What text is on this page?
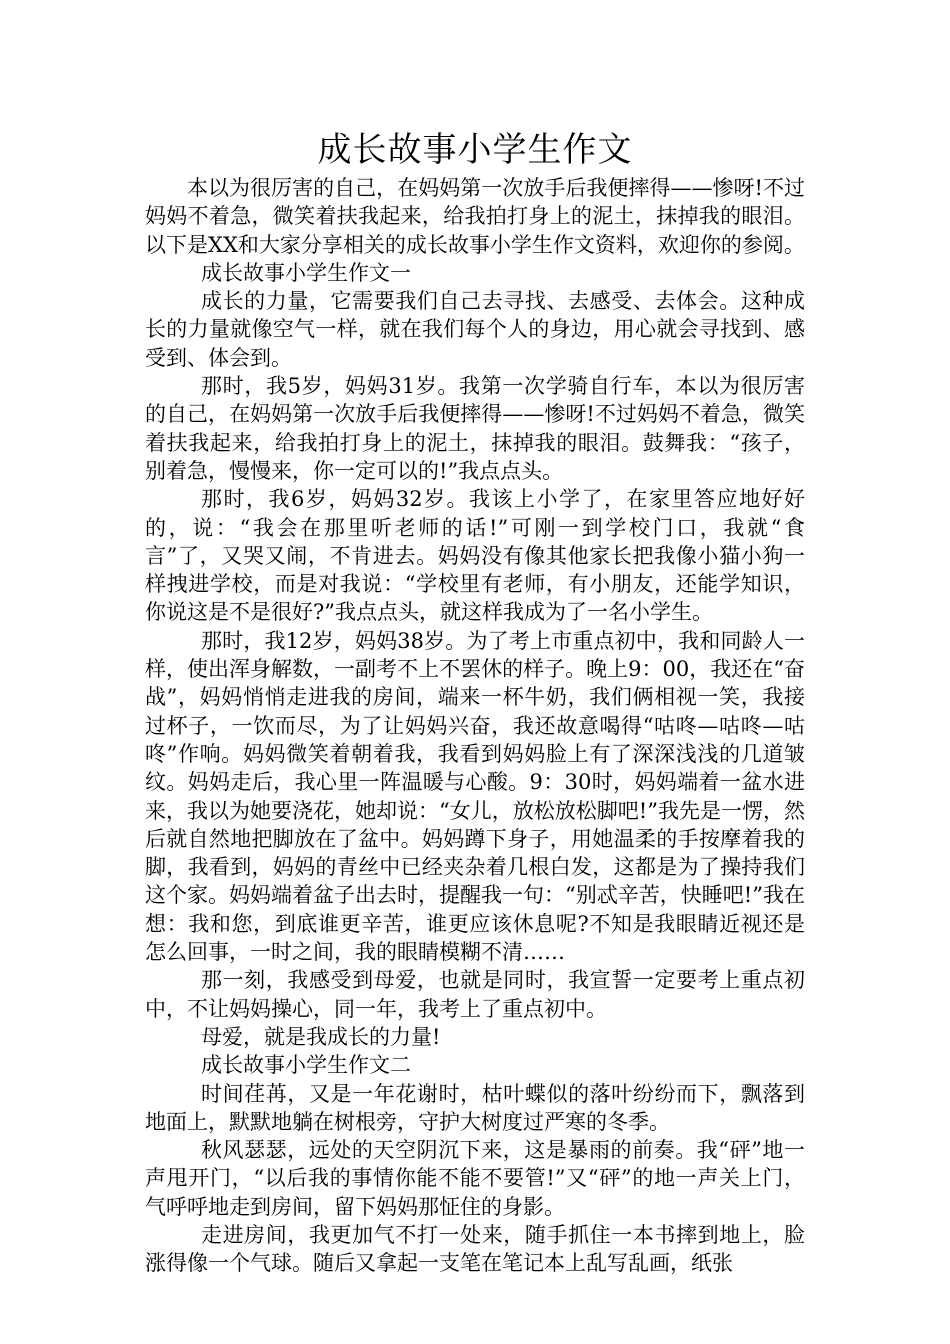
成长故事小学生作文

本以为很厉害的自己，在妈妈第一次放手后我便摔得——惨呀!不过妈妈不着急，微笑着扶我起来，给我拍打身上的泥土，抹掉我的眼泪。以下是XX和大家分享相关的成长故事小学生作文资料，欢迎你的参阅。

成长故事小学生作文一

成长的力量，它需要我们自己去寻找、去感受、去体会。这种成长的力量就像空气一样，就在我们每个人的身边，用心就会寻找到、感受到、体会到。

那时，我5岁，妈妈31岁。我第一次学骑自行车，本以为很厉害的自己，在妈妈第一次放手后我便摔得——惨呀!不过妈妈不着急，微笑着扶我起来，给我拍打身上的泥土，抹掉我的眼泪。鼓舞我：“孩子，别着急，慢慢来，你一定可以的!”我点点头。

那时，我6岁，妈妈32岁。我该上小学了，在家里答应地好好的，说：“我会在那里听老师的话!”可刚一到学校门口，我就“食言”了，又哭又闹，不肯进去。妈妈没有像其他家长把我像小猫小狗一样拽进学校，而是对我说：“学校里有老师，有小朋友，还能学知识，你说这是不是很好?”我点点头，就这样我成为了一名小学生。

那时，我12岁，妈妈38岁。为了考上市重点初中，我和同龄人一样，使出浑身解数，一副考不上不罢休的样子。晚上9：00，我还在“奋战”，妈妈悄悄走进我的房间，端来一杯牛奶，我们俩相视一笑，我接过杯子，一饮而尽，为了让妈妈兴奋，我还故意喝得“咕咚—咕咚—咕咚”作响。妈妈微笑着朝着我，我看到妈妈脸上有了深深浅浅的几道皱纹。妈妈走后，我心里一阵温暖与心酸。9：30时，妈妈端着一盆水进来，我以为她要浇花，她却说：“女儿，放松放松脚吧!”我先是一愣，然后就自然地把脚放在了盆中。妈妈蹲下身子，用她温柔的手按摩着我的脚，我看到，妈妈的青丝中已经夹杂着几根白发，这都是为了操持我们这个家。妈妈端着盆子出去时，提醒我一句：“别忒辛苦，快睡吧!”我在想：我和您，到底谁更辛苦，谁更应该休息呢?不知是我眼睛近视还是怎么回事，一时之间，我的眼睛模糊不清……

那一刻，我感受到母爱，也就是同时，我宣誓一定要考上重点初中，不让妈妈操心，同一年，我考上了重点初中。

母爱，就是我成长的力量!

成长故事小学生作文二

时间荏苒，又是一年花谢时，枯叶蝶似的落叶纷纷而下，飘落到地面上，默默地躺在树根旁，守护大树度过严寒的冬季。

秋风瑟瑟，远处的天空阴沉下来，这是暴雨的前奏。我“砰”地一声甩开门，“以后我的事情你能不能不要管!”又“砰”的地一声关上门，气呼呼地走到房间，留下妈妈那怔住的身影。

走进房间，我更加气不打一处来，随手抓住一本书摔到地上，脸涨得像一个气球。随后又拿起一支笔在笔记本上乱写乱画，纸张
